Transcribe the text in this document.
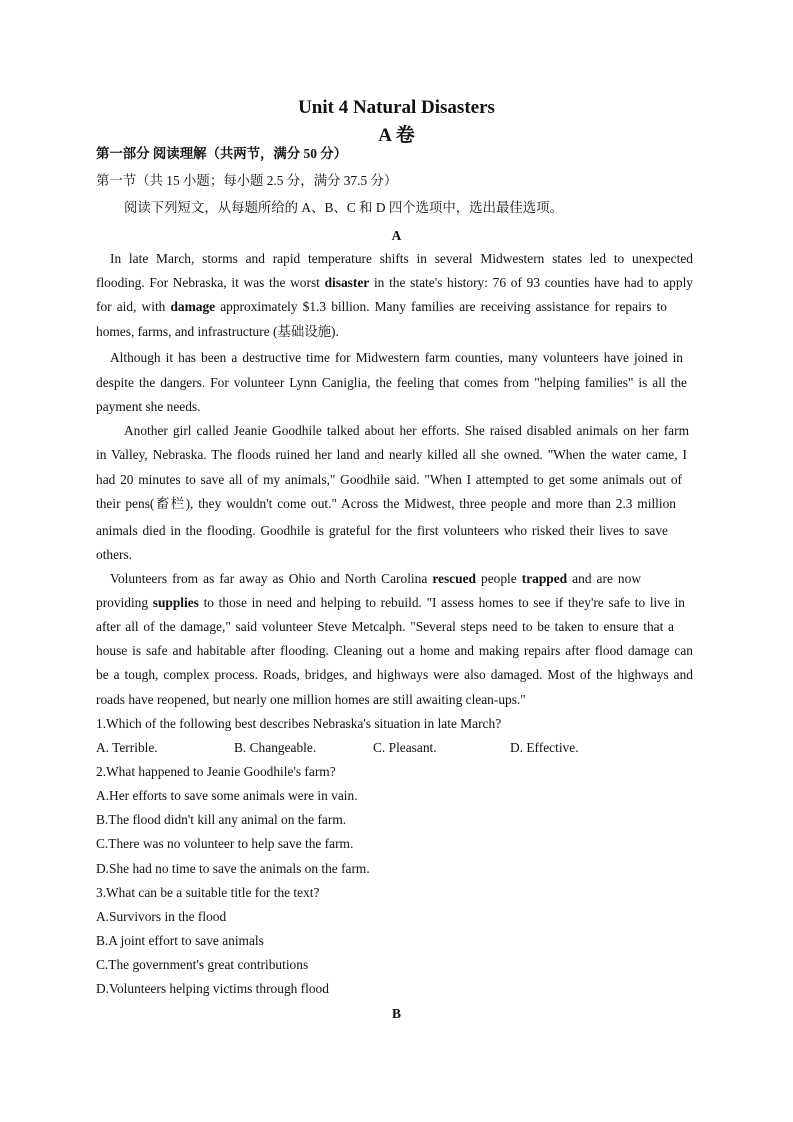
Unit 4 Natural Disasters
A 卷
第一部分 阅读理解（共两节，满分 50 分）
第一节（共 15 小题；每小题 2.5 分，满分 37.5 分）
阅读下列短文，从每题所给的 A、B、C 和 D 四个选项中，选出最佳选项。
A
In late March, storms and rapid temperature shifts in several Midwestern states led to unexpected
flooding. For Nebraska, it was the worst disaster in the state's history: 76 of 93 counties have had to apply
for aid, with damage approximately $1.3 billion. Many families are receiving assistance for repairs to
homes, farms, and infrastructure (基础设施).
Although it has been a destructive time for Midwestern farm counties, many volunteers have joined in
despite the dangers. For volunteer Lynn Caniglia, the feeling that comes from "helping families" is all the
payment she needs.
Another girl called Jeanie Goodhile talked about her efforts. She raised disabled animals on her farm
in Valley, Nebraska. The floods ruined her land and nearly killed all she owned. "When the water came, I
had 20 minutes to save all of my animals," Goodhile said. "When I attempted to get some animals out of
their pens(畜栏), they wouldn't come out." Across the Midwest, three people and more than 2.3 million
animals died in the flooding. Goodhile is grateful for the first volunteers who risked their lives to save
others.
Volunteers from as far away as Ohio and North Carolina rescued people trapped and are now
providing supplies to those in need and helping to rebuild. "I assess homes to see if they're safe to live in
after all of the damage," said volunteer Steve Metcalph. "Several steps need to be taken to ensure that a
house is safe and habitable after flooding. Cleaning out a home and making repairs after flood damage can
be a tough, complex process. Roads, bridges, and highways were also damaged. Most of the highways and
roads have reopened, but nearly one million homes are still awaiting clean-ups."
1.Which of the following best describes Nebraska's situation in late March?
A. Terrible.	B. Changeable.	C. Pleasant.	D. Effective.
2.What happened to Jeanie Goodhile's farm?
A.Her efforts to save some animals were in vain.
B.The flood didn't kill any animal on the farm.
C.There was no volunteer to help save the farm.
D.She had no time to save the animals on the farm.
3.What can be a suitable title for the text?
A.Survivors in the flood
B.A joint effort to save animals
C.The government's great contributions
D.Volunteers helping victims through flood
B
